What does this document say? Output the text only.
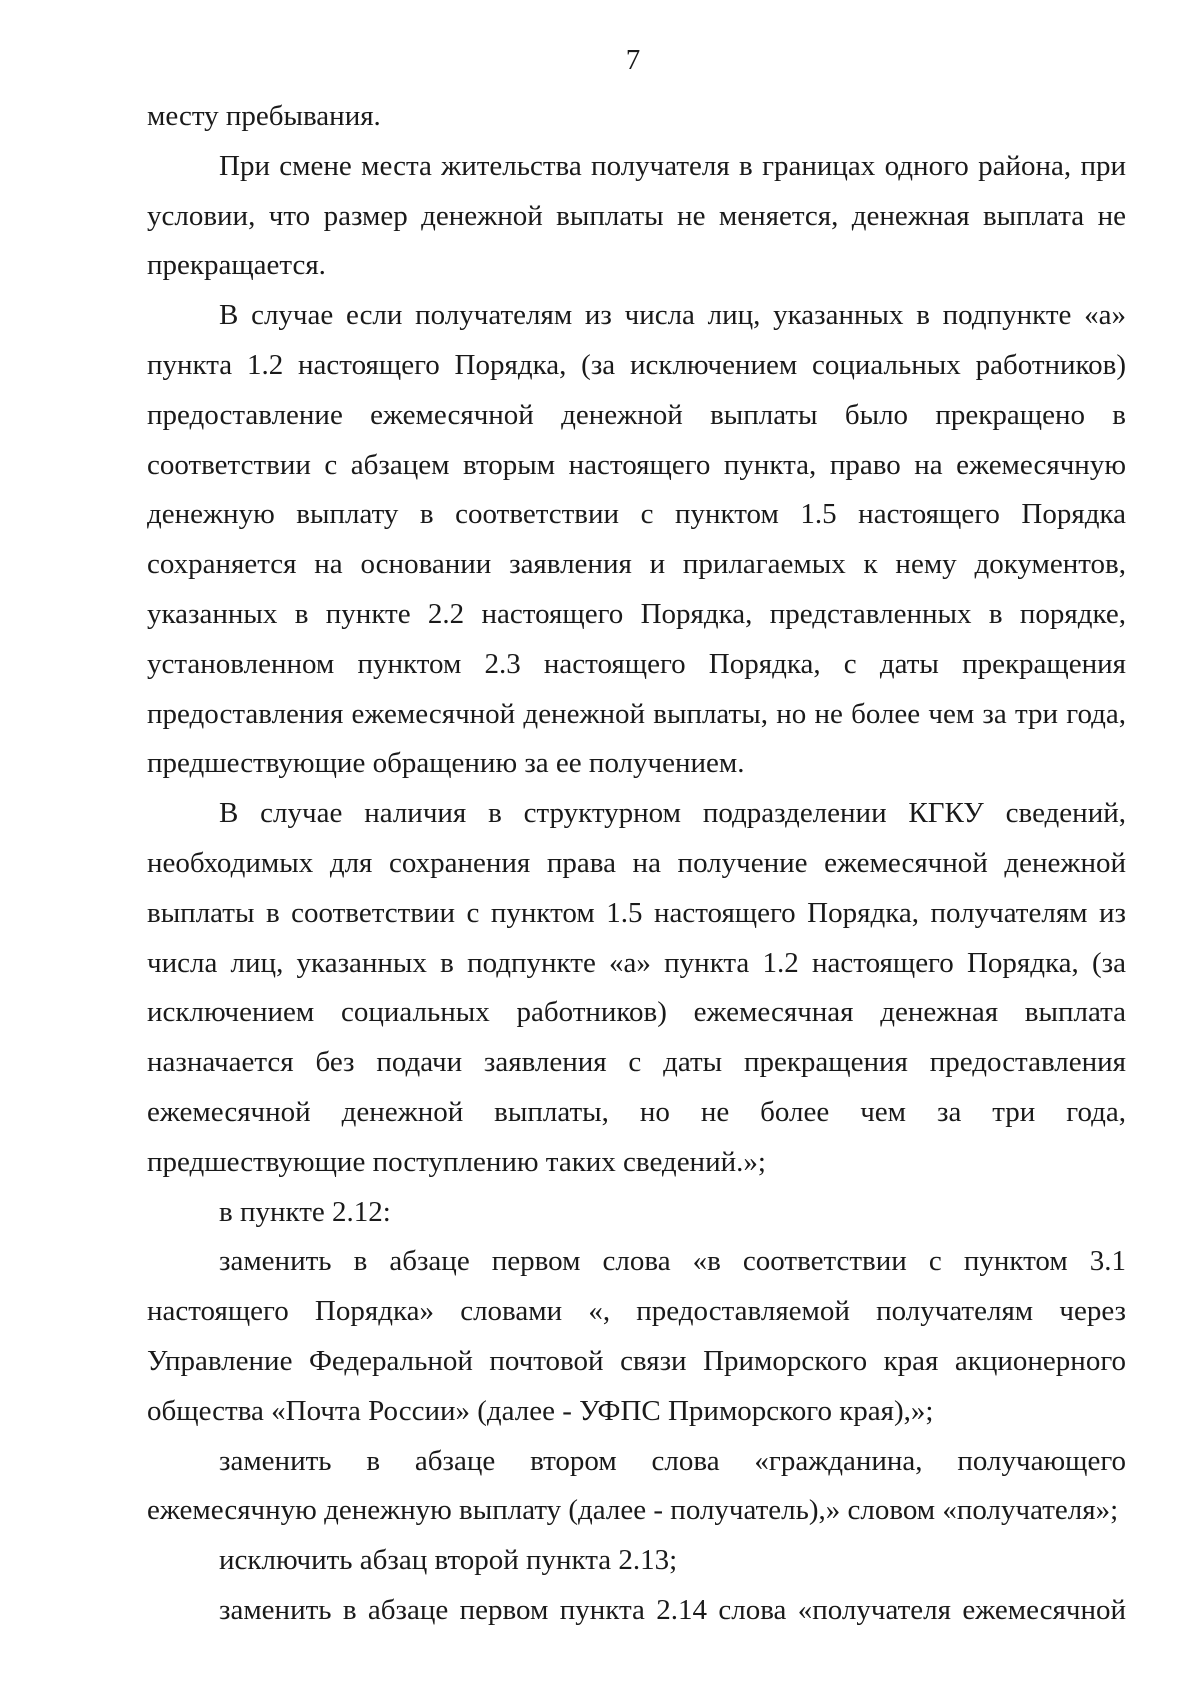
7

месту пребывания.

При смене места жительства получателя в границах одного района, при условии, что размер денежной выплаты не меняется, денежная выплата не прекращается.

В случае если получателям из числа лиц, указанных в подпункте «а» пункта 1.2 настоящего Порядка, (за исключением социальных работников) предоставление ежемесячной денежной выплаты было прекращено в соответствии с абзацем вторым настоящего пункта, право на ежемесячную денежную выплату в соответствии с пунктом 1.5 настоящего Порядка сохраняется на основании заявления и прилагаемых к нему документов, указанных в пункте 2.2 настоящего Порядка, представленных в порядке, установленном пунктом 2.3 настоящего Порядка, с даты прекращения предоставления ежемесячной денежной выплаты, но не более чем за три года, предшествующие обращению за ее получением.

В случае наличия в структурном подразделении КГКУ сведений, необходимых для сохранения права на получение ежемесячной денежной выплаты в соответствии с пунктом 1.5 настоящего Порядка, получателям из числа лиц, указанных в подпункте «а» пункта 1.2 настоящего Порядка, (за исключением социальных работников) ежемесячная денежная выплата назначается без подачи заявления с даты прекращения предоставления ежемесячной денежной выплаты, но не более чем за три года, предшествующие поступлению таких сведений.»;

в пункте 2.12:

заменить в абзаце первом слова «в соответствии с пунктом 3.1 настоящего Порядка» словами «, предоставляемой получателям через Управление Федеральной почтовой связи Приморского края акционерного общества «Почта России» (далее - УФПС Приморского края),»;

заменить в абзаце втором слова «гражданина, получающего ежемесячную денежную выплату (далее - получатель),» словом «получателя»;

исключить абзац второй пункта 2.13;

заменить в абзаце первом пункта 2.14 слова «получателя ежемесячной
